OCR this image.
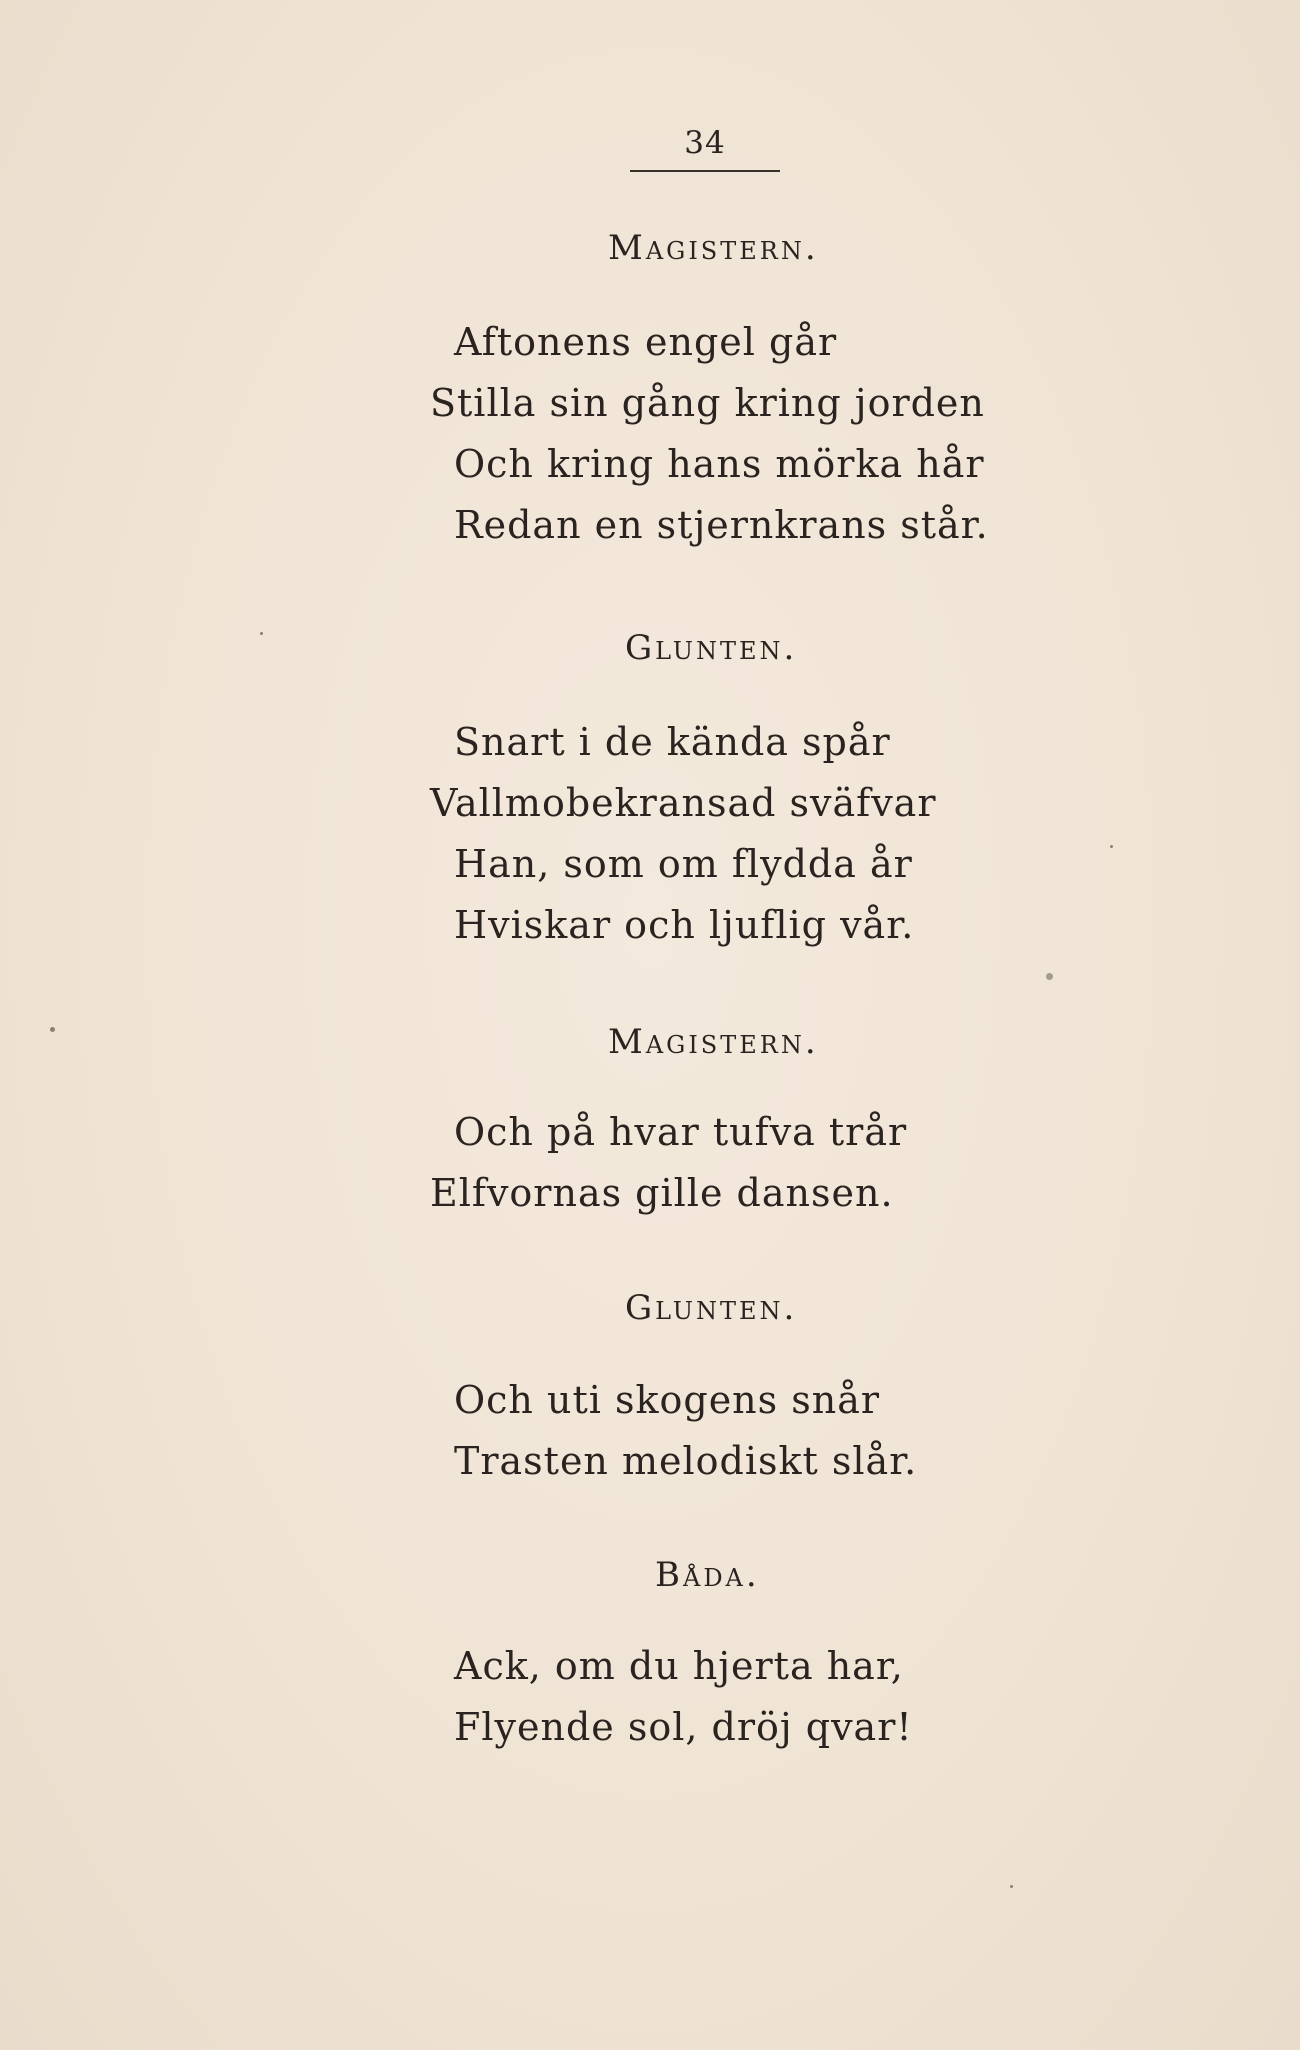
34
Magistern.
Aftonens engel går
Stilla sin gång kring jorden
Och kring hans mörka hår
Redan en stjernkrans står.
Glunten.
Snart i de kända spår
Vallmobekransad sväfvar
Han, som om flydda år
Hviskar och ljuflig vår.
Magistern.
Och på hvar tufva trår
Elfvornas gille dansen.
Glunten.
Och uti skogens snår
Trasten melodiskt slår.
Båda.
Ack, om du hjerta har,
Flyende sol, dröj qvar!
